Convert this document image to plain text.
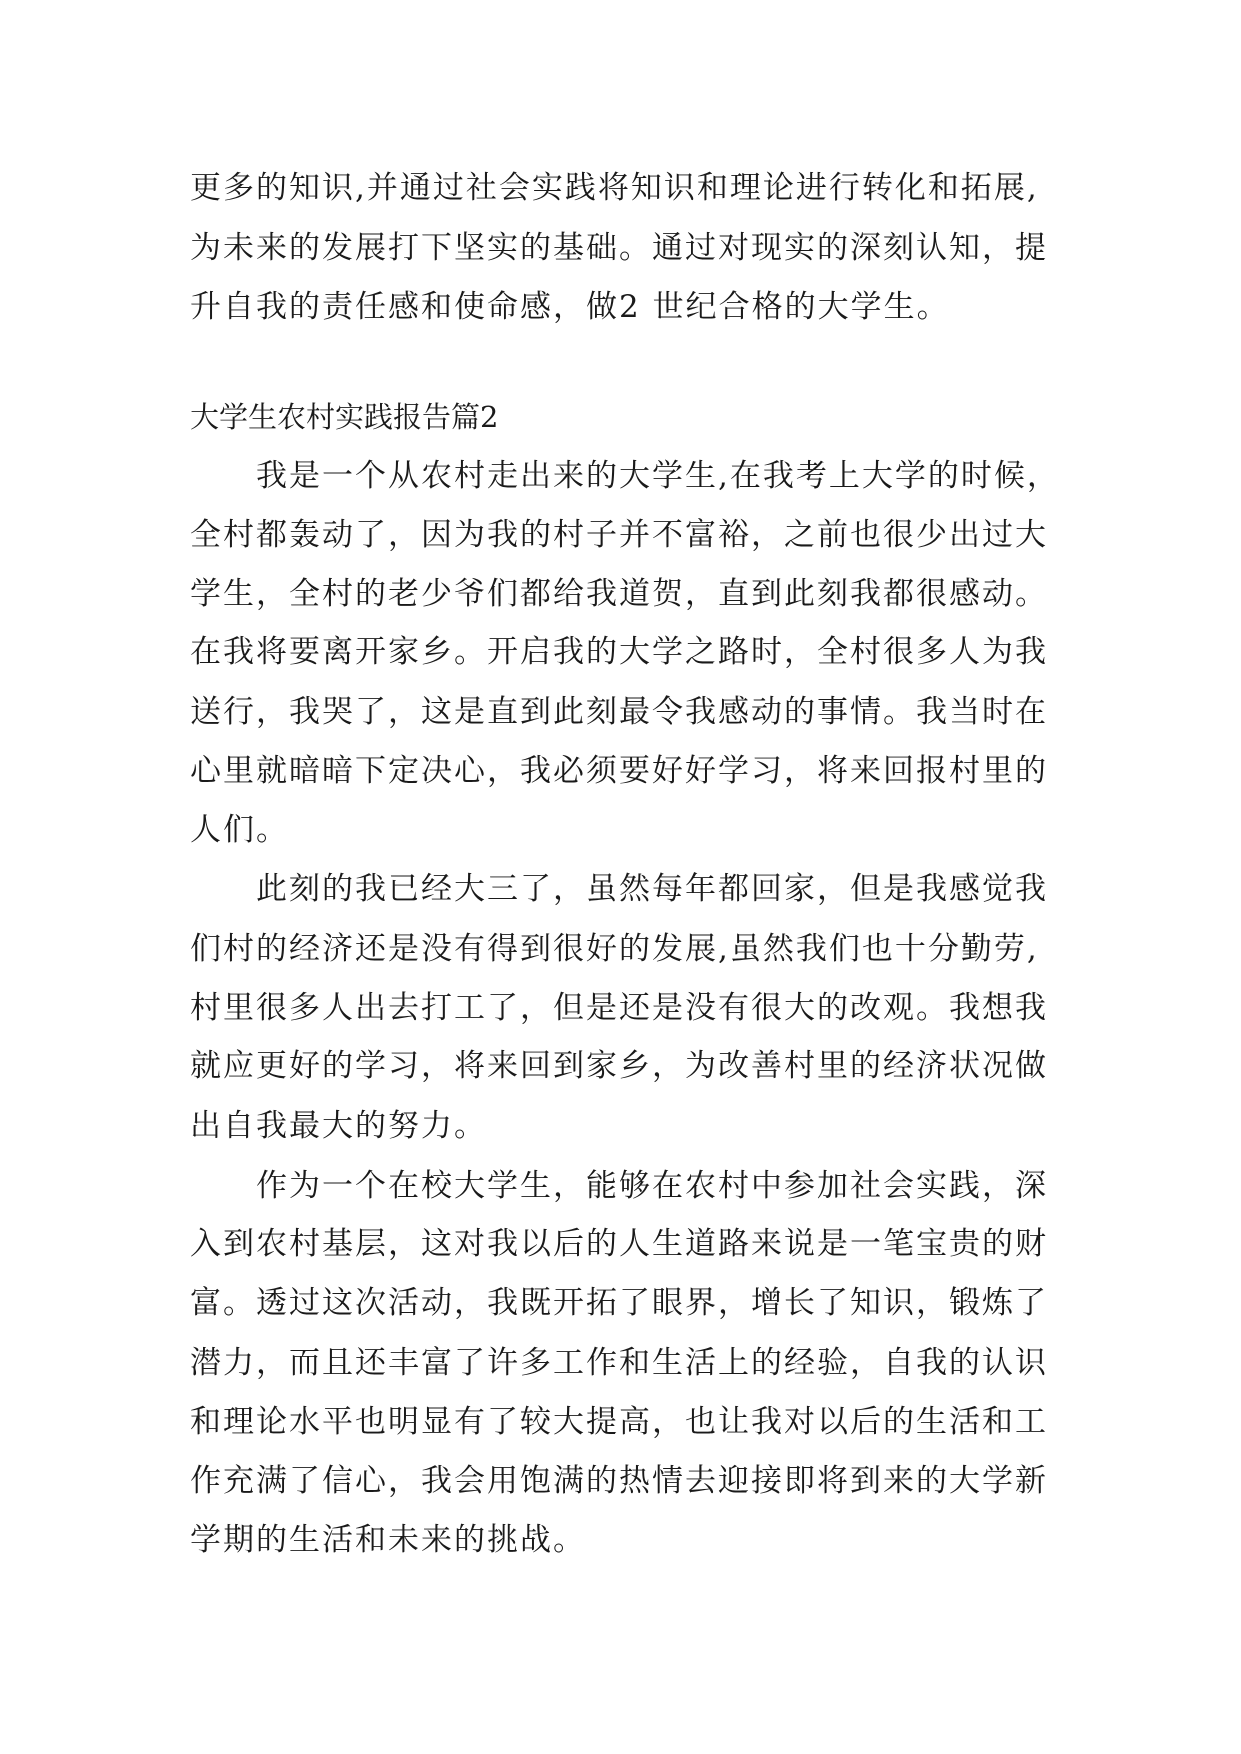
更多的知识,并通过社会实践将知识和理论进行转化和拓展,
为未来的发展打下坚实的基础。通过对现实的深刻认知，提
升自我的责任感和使命感，做2 世纪合格的大学生。
大学生农村实践报告篇2
我是一个从农村走出来的大学生,在我考上大学的时候，
全村都轰动了，因为我的村子并不富裕，之前也很少出过大
学生，全村的老少爷们都给我道贺，直到此刻我都很感动。
在我将要离开家乡。开启我的大学之路时，全村很多人为我
送行，我哭了，这是直到此刻最令我感动的事情。我当时在
心里就暗暗下定决心，我必须要好好学习，将来回报村里的
人们。
此刻的我已经大三了，虽然每年都回家，但是我感觉我
们村的经济还是没有得到很好的发展,虽然我们也十分勤劳,
村里很多人出去打工了，但是还是没有很大的改观。我想我
就应更好的学习，将来回到家乡，为改善村里的经济状况做
出自我最大的努力。
作为一个在校大学生，能够在农村中参加社会实践，深
入到农村基层，这对我以后的人生道路来说是一笔宝贵的财
富。透过这次活动，我既开拓了眼界，增长了知识，锻炼了
潜力，而且还丰富了许多工作和生活上的经验，自我的认识
和理论水平也明显有了较大提高，也让我对以后的生活和工
作充满了信心，我会用饱满的热情去迎接即将到来的大学新
学期的生活和未来的挑战。
